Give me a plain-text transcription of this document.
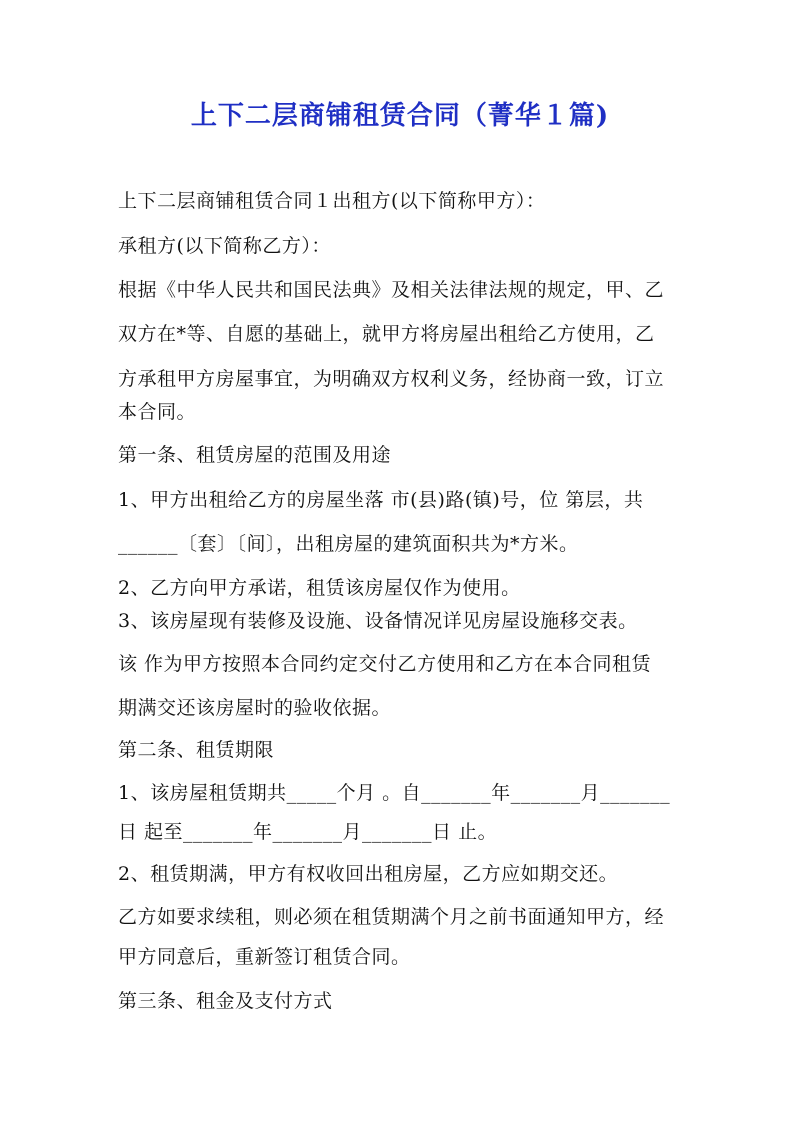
上下二层商铺租赁合同（菁华１篇)
上下二层商铺租赁合同１出租方(以下简称甲方）：
承租方(以下简称乙方）：
根据《中华人民共和国民法典》及相关法律法规的规定，甲、乙
双方在*等、自愿的基础上，就甲方将房屋出租给乙方使用，乙
方承租甲方房屋事宜，为明确双方权利义务，经协商一致，订立
本合同。
第一条、租赁房屋的范围及用途
1、甲方出租给乙方的房屋坐落 市(县)路(镇)号，位 第层，共
______〔套〕〔间〕，出租房屋的建筑面积共为*方米。
2、乙方向甲方承诺，租赁该房屋仅作为使用。
3、该房屋现有装修及设施、设备情况详见房屋设施移交表。
该 作为甲方按照本合同约定交付乙方使用和乙方在本合同租赁
期满交还该房屋时的验收依据。
第二条、租赁期限
1、该房屋租赁期共_____个月 。自_______年_______月_______
日 起至_______年_______月_______日 止。
2、租赁期满，甲方有权收回出租房屋，乙方应如期交还。
乙方如要求续租，则必须在租赁期满个月之前书面通知甲方，经
甲方同意后，重新签订租赁合同。
第三条、租金及支付方式
